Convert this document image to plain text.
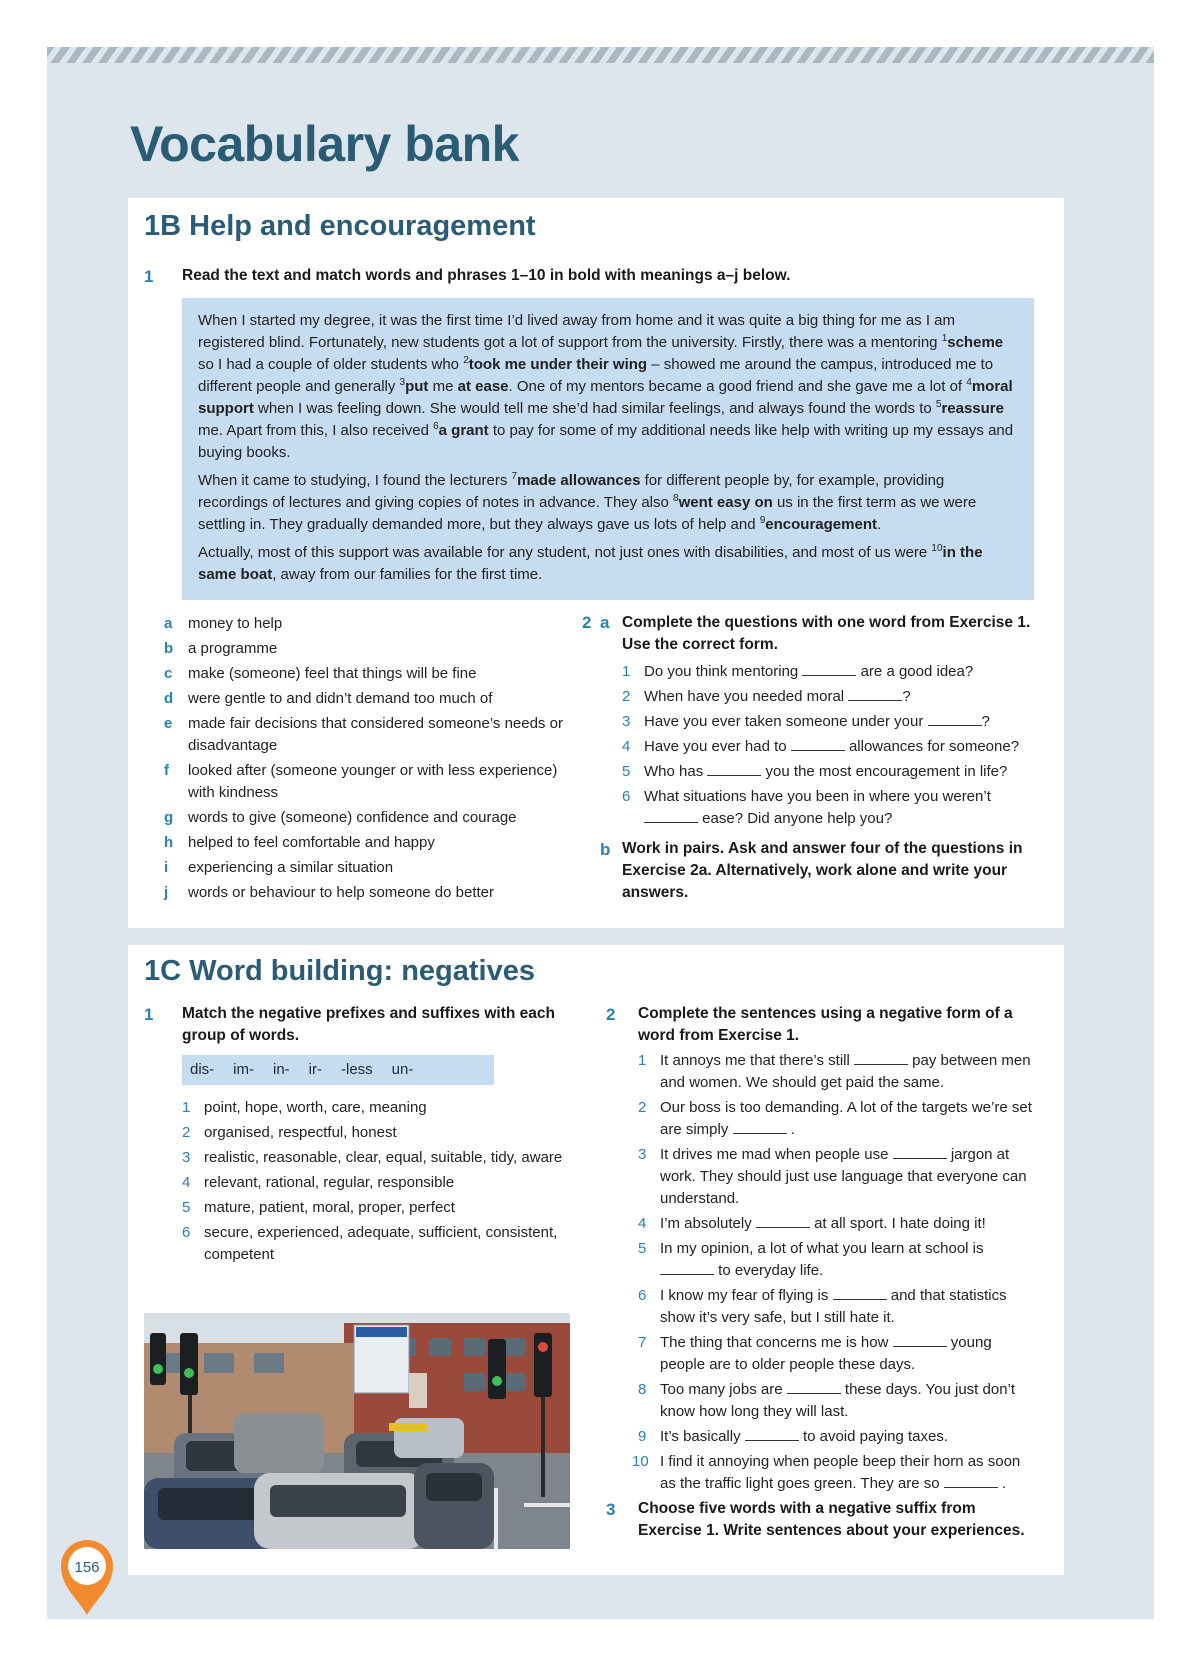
Vocabulary bank
1B Help and encouragement
1 Read the text and match words and phrases 1–10 in bold with meanings a–j below.

When I started my degree, it was the first time I’d lived away from home and it was quite a big thing for me as I am registered blind. Fortunately, new students got a lot of support from the university. Firstly, there was a mentoring $^1$scheme so I had a couple of older students who $^2$took me under their wing – showed me around the campus, introduced me to different people and generally $^3$put me at ease. One of my mentors became a good friend and she gave me a lot of $^4$moral support when I was feeling down. She would tell me she’d had similar feelings, and always found the words to $^5$reassure me. Apart from this, I also received $^6$a grant to pay for some of my additional needs like help with writing up my essays and buying books.

When it came to studying, I found the lecturers $^7$made allowances for different people by, for example, providing recordings of lectures and giving copies of notes in advance. They also $^8$went easy on us in the first term as we were settling in. They gradually demanded more, but they always gave us lots of help and $^9$encouragement.

Actually, most of this support was available for any student, not just ones with disabilities, and most of us were $^{10}$in the same boat, away from our families for the first time.

a money to help
b a programme
c make (someone) feel that things will be fine
d were gentle to and didn’t demand too much of
e made fair decisions that considered someone’s needs or disadvantage
f looked after (someone younger or with less experience) with kindness
g words to give (someone) confidence and courage
h helped to feel comfortable and happy
i experiencing a similar situation
j words or behaviour to help someone do better
2 a Complete the questions with one word from Exercise 1. Use the correct form.
1 Do you think mentoring	are a good idea?
2 When have you needed moral	?
3 Have you ever taken someone under your	?
4 Have you ever had to	allowances for someone?
5 Who has	you the most encouragement in life?
6 What situations have you been in where you weren’t  ease? Did anyone help you?
b Work in pairs. Ask and answer four of the questions in Exercise 2a. Alternatively, work alone and write your answers.
1C Word building: negatives
1 Match the negative prefixes and suffixes with each group of words.
dis- im- in- ir- -less un-
1 point, hope, worth, care, meaning
2 organised, respectful, honest
3 realistic, reasonable, clear, equal, suitable, tidy, aware
4 relevant, rational, regular, responsible
5 mature, patient, moral, proper, perfect
6 secure, experienced, adequate, sufficient, consistent, competent
2 Complete the sentences using a negative form of a word from Exercise 1.
1 It annoys me that there’s still	pay between men and women. We should get paid the same.
2 Our boss is too demanding. A lot of the targets we’re set are simply	.
3 It drives me mad when people use	jargon at work. They should just use language that everyone can understand.
4 I’m absolutely	at all sport. I hate doing it!
5 In my opinion, a lot of what you learn at school is  to everyday life.
6 I know my fear of flying is	and that statistics show it’s very safe, but I still hate it.
7 The thing that concerns me is how	young people are to older people these days.
8 Too many jobs are	these days. You just don’t know how long they will last.
9 It’s basically	to avoid paying taxes.
10 I find it annoying when people beep their horn as soon as the traffic light goes green. They are so	.
3 Choose five words with a negative suffix from Exercise 1. Write sentences about your experiences.
156
